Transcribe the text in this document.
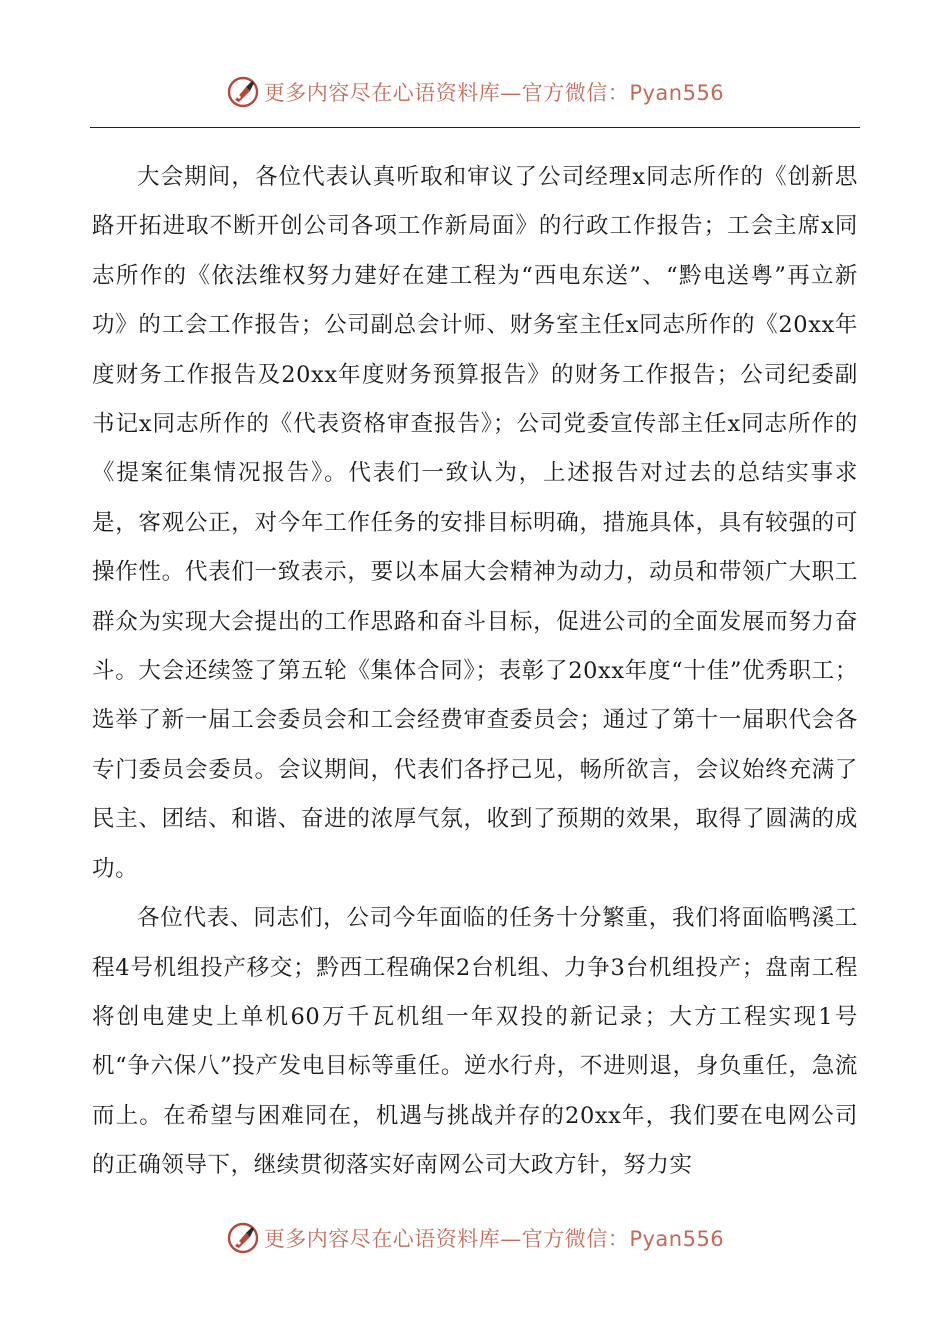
更多内容尽在心语资料库—官方微信：Pyan556

大会期间，各位代表认真听取和审议了公司经理x同志所作的《创新思路开拓进取不断开创公司各项工作新局面》的行政工作报告；工会主席x同志所作的《依法维权努力建好在建工程为“西电东送”、“黔电送粤”再立新功》的工会工作报告；公司副总会计师、财务室主任x同志所作的《20xx年度财务工作报告及20xx年度财务预算报告》的财务工作报告；公司纪委副书记x同志所作的《代表资格审查报告》；公司党委宣传部主任x同志所作的《提案征集情况报告》。代表们一致认为，上述报告对过去的总结实事求是，客观公正，对今年工作任务的安排目标明确，措施具体，具有较强的可操作性。代表们一致表示，要以本届大会精神为动力，动员和带领广大职工群众为实现大会提出的工作思路和奋斗目标，促进公司的全面发展而努力奋斗。大会还续签了第五轮《集体合同》；表彰了20xx年度“十佳”优秀职工；选举了新一届工会委员会和工会经费审查委员会；通过了第十一届职代会各专门委员会委员。会议期间，代表们各抒己见，畅所欲言，会议始终充满了民主、团结、和谐、奋进的浓厚气氛，收到了预期的效果，取得了圆满的成功。

各位代表、同志们，公司今年面临的任务十分繁重，我们将面临鸭溪工程4号机组投产移交；黔西工程确保2台机组、力争3台机组投产；盘南工程将创电建史上单机60万千瓦机组一年双投的新记录；大方工程实现1号机“争六保八”投产发电目标等重任。逆水行舟，不进则退，身负重任，急流而上。在希望与困难同在，机遇与挑战并存的20xx年，我们要在电网公司的正确领导下，继续贯彻落实好南网公司大政方针，努力实

更多内容尽在心语资料库—官方微信：Pyan556
